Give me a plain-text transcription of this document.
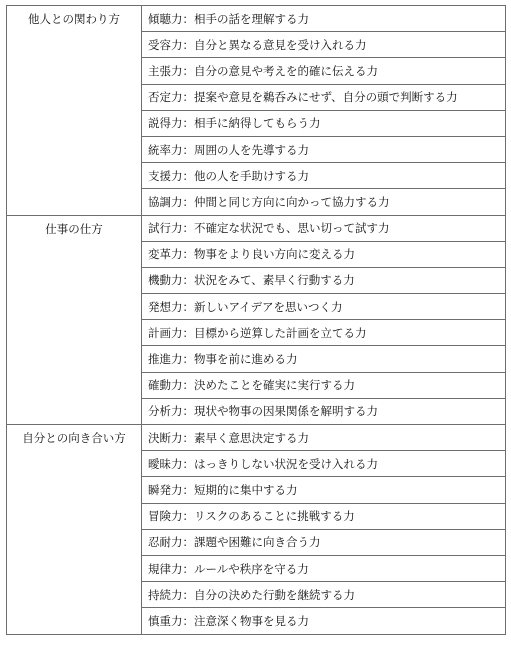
他人との関わり方	傾聴力：相手の話を理解する力
	受容力：自分と異なる意見を受け入れる力
	主張力：自分の意見や考えを的確に伝える力
	否定力：提案や意見を鵜呑みにせず、自分の頭で判断する力
	説得力：相手に納得してもらう力
	統率力：周囲の人を先導する力
	支援力：他の人を手助けする力
	協調力：仲間と同じ方向に向かって協力する力

仕事の仕方	試行力：不確定な状況でも、思い切って試す力
	変革力：物事をより良い方向に変える力
	機動力：状況をみて、素早く行動する力
	発想力：新しいアイデアを思いつく力
	計画力：目標から逆算した計画を立てる力
	推進力：物事を前に進める力
	確動力：決めたことを確実に実行する力
	分析力：現状や物事の因果関係を解明する力

自分との向き合い方	決断力：素早く意思決定する力
	曖昧力：はっきりしない状況を受け入れる力
	瞬発力：短期的に集中する力
	冒険力：リスクのあることに挑戦する力
	忍耐力：課題や困難に向き合う力
	規律力：ルールや秩序を守る力
	持続力：自分の決めた行動を継続する力
	慎重力：注意深く物事を見る力
